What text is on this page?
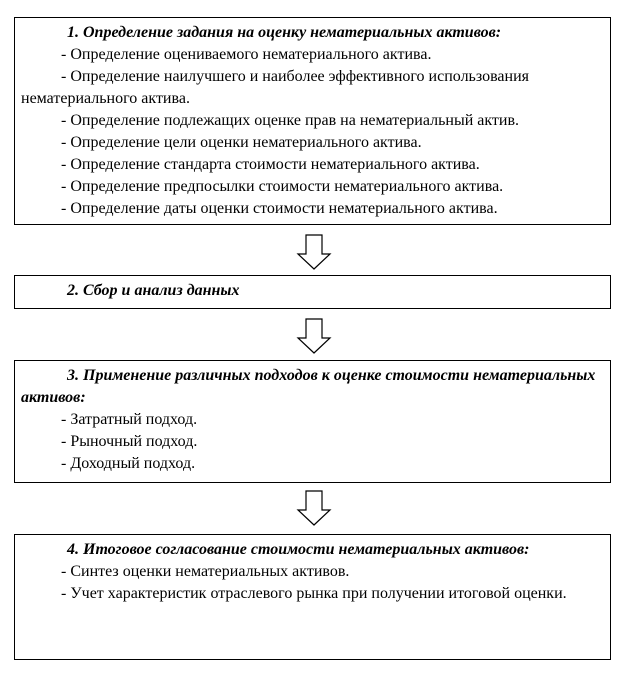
1. Определение задания на оценку нематериальных активов:

- Определение оцениваемого нематериального актива.

- Определение наилучшего и наиболее эффективного использования нематериального актива.

- Определение подлежащих оценке прав на нематериальный актив.

- Определение цели оценки нематериального актива.

- Определение стандарта стоимости нематериального актива.

- Определение предпосылки стоимости нематериального актива.

- Определение даты оценки стоимости нематериального актива.

2. Сбор и анализ данных

3. Применение различных подходов к оценке стоимости нематериальных активов:

- Затратный подход.

- Рыночный подход.

- Доходный подход.

4. Итоговое согласование стоимости нематериальных активов:

- Синтез оценки нематериальных активов.

- Учет характеристик отраслевого рынка при получении итоговой оценки.
